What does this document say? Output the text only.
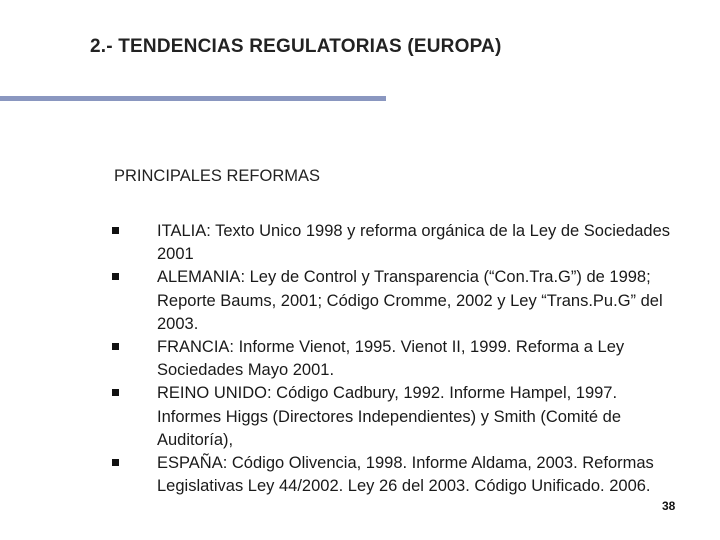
2.- TENDENCIAS REGULATORIAS (EUROPA)
PRINCIPALES REFORMAS
ITALIA: Texto Unico 1998 y reforma orgánica de la Ley de Sociedades 2001
ALEMANIA: Ley de Control y Transparencia (“Con.Tra.G”) de 1998; Reporte Baums, 2001; Código Cromme, 2002 y Ley “Trans.Pu.G” del 2003.
FRANCIA: Informe Vienot, 1995. Vienot II, 1999. Reforma a Ley Sociedades Mayo 2001.
REINO UNIDO: Código Cadbury, 1992. Informe Hampel, 1997. Informes Higgs (Directores Independientes) y Smith (Comité de Auditoría),
ESPAÑA: Código Olivencia, 1998. Informe Aldama, 2003. Reformas Legislativas Ley 44/2002. Ley 26 del 2003. Código Unificado. 2006.
38
